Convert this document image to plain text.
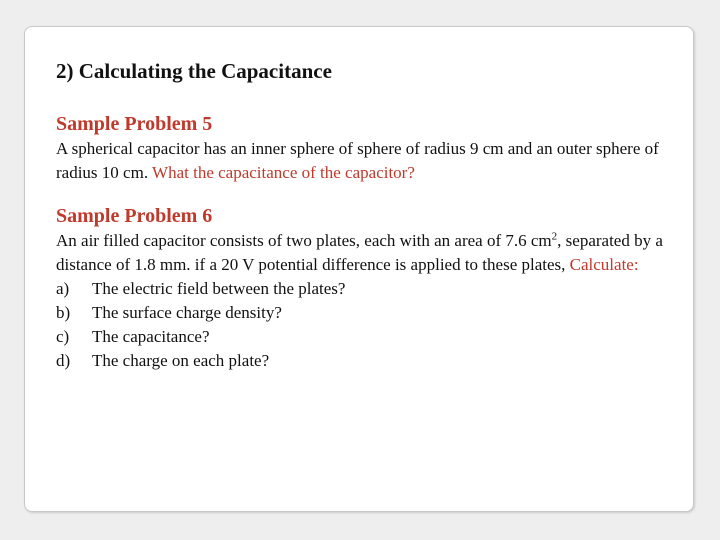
2) Calculating the Capacitance
Sample Problem 5

A spherical capacitor has an inner sphere of sphere of radius 9 cm and an outer sphere of radius 10 cm. What the capacitance of the capacitor?

Sample Problem 6

An air filled capacitor consists of two plates, each with an area of 7.6 $cm^2$, separated by a distance of 1.8 mm. if a 20 V potential difference is applied to these plates, Calculate:

a)	The electric field between the plates?
b)	The surface charge density?
c)	The capacitance?
d)	The charge on each plate?
